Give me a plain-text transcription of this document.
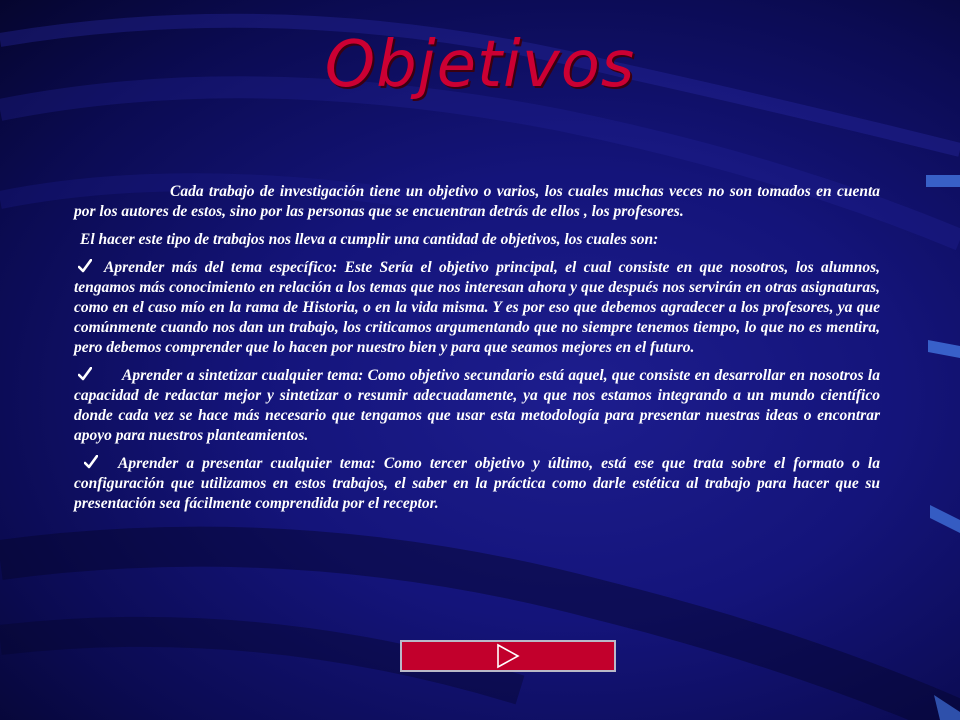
Objetivos

Cada trabajo de investigación tiene un objetivo o varios, los cuales muchas veces no son tomados en cuenta por los autores de estos, sino por las personas que se encuentran detrás de ellos , los profesores.

El hacer este tipo de trabajos nos lleva a cumplir una cantidad de objetivos, los cuales son:

Aprender más del tema específico: Este Sería el objetivo principal, el cual consiste en que nosotros, los alumnos, tengamos más conocimiento en relación a los temas que nos interesan ahora y que después nos servirán en otras asignaturas, como en el caso mío en la rama de Historia, o en la vida misma. Y es por eso que debemos agradecer a los profesores, ya que comúnmente cuando nos dan un trabajo, los criticamos argumentando que no siempre tenemos tiempo, lo que no es mentira, pero debemos comprender que lo hacen por nuestro bien y para que seamos mejores en el futuro.

Aprender a sintetizar cualquier tema: Como objetivo secundario está aquel, que consiste en desarrollar en nosotros la capacidad de redactar mejor y sintetizar o resumir adecuadamente, ya que nos estamos integrando a un mundo científico donde cada vez se hace más necesario que tengamos que usar esta metodología para presentar nuestras ideas o encontrar apoyo para nuestros planteamientos.

Aprender a presentar cualquier tema: Como tercer objetivo y último, está ese que trata sobre el formato o la configuración que utilizamos en estos trabajos, el saber en la práctica como darle estética al trabajo para hacer que su presentación sea fácilmente comprendida por el receptor.
